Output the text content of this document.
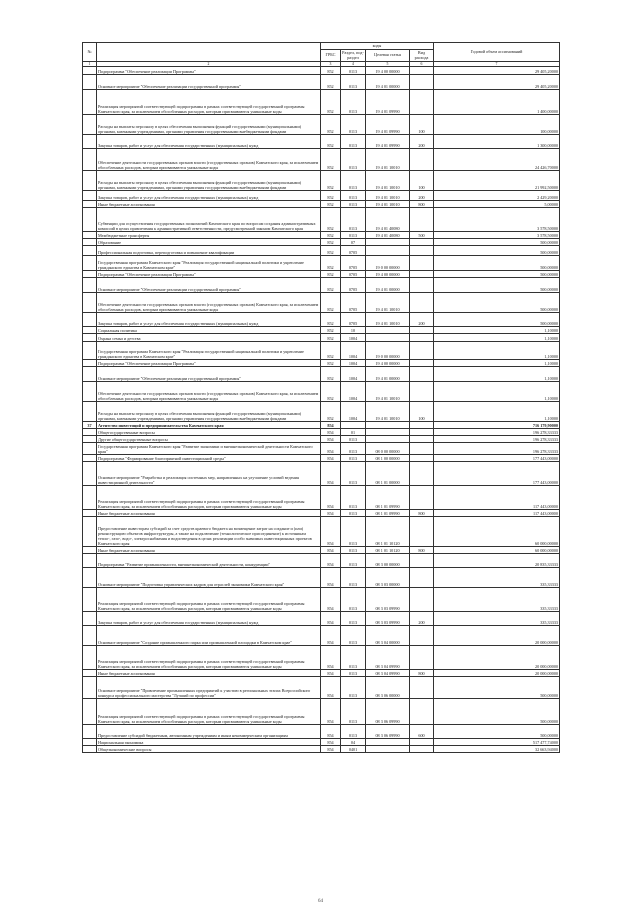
№		коды				Годовой объем ассигнований
		ГРБС	Раздел, под-раздел	Целевая статья	Вид расхода	
1	2	3	4	5	6	7
	Подпрограмма "Обеспечение реализации Программы"	852	0113	19 4 00 00000		29 405,20000
	Основное мероприятие "Обеспечение реализации государственной программы"	852	0113	19 4 01 00000		29 405,20000
	Реализация мероприятий соответствующей подпрограммы в рамках соответствующей государственной программы Камчатского края, за исключением обособленных расходов, которым присваиваются уникальные коды	852	0113	19 4 01 09990		1 400,00000
	Расходы на выплаты персоналу в целях обеспечения выполнения функций государственными (муниципальными) органами, казенными учреждениями, органами управления государственными внебюджетными фондами	852	0113	19 4 01 09990	100	100,00000
	Закупка товаров, работ и услуг для обеспечения государственных (муниципальных) нужд	852	0113	19 4 01 09990	200	1 300,00000
	Обеспечение деятельности государственных органов власти (государственных органов) Камчатского края, за исключением обособленных расходов, которым присваиваются уникальные коды	852	0113	19 4 01 10010		24 426,70000
	Расходы на выплаты персоналу в целях обеспечения выполнения функций государственными (муниципальными) органами, казенными учреждениями, органами управления государственными внебюджетными фондами	852	0113	19 4 01 10010	100	21 992,50000
	Закупка товаров, работ и услуг для обеспечения государственных (муниципальных) нужд	852	0113	19 4 01 10010	200	2 429,20000
	Иные бюджетные ассигнования	852	0113	19 4 01 10010	800	5,00000
	Субвенции для осуществления государственных полномочий Камчатского края по вопросам создания административных комиссий в целях привлечения к административной ответственности, предусмотренной законом Камчатского края	852	0113	19 4 01 40080		3 578,50000
	Межбюджетные трансферты	852	0113	19 4 01 40080	500	3 578,50000
	Образование	852	07			500,00000
	Профессиональная подготовка, переподготовка и повышение квалификации	852	0705			500,00000
	Государственная программа Камчатского края "Реализация государственной национальной политики и укрепление гражданского единства в Камчатском крае"	852	0705	19 0 00 00000		500,00000
	Подпрограмма "Обеспечение реализации Программы"	852	0705	19 4 00 00000		500,00000
	Основное мероприятие "Обеспечение реализации государственной программы"	852	0705	19 4 01 00000		500,00000
	Обеспечение деятельности государственных органов власти (государственных органов) Камчатского края, за исключением обособленных расходов, которым присваиваются уникальные коды	852	0705	19 4 01 10010		500,00000
	Закупка товаров, работ и услуг для обеспечения государственных (муниципальных) нужд	852	0705	19 4 01 10010	200	500,00000
	Социальная политика	852	10			1,10000
	Охрана семьи и детства	852	1004			1,10000
	Государственная программа Камчатского края "Реализация государственной национальной политики и укрепление гражданского единства в Камчатском крае"	852	1004	19 0 00 00000		1,10000
	Подпрограмма "Обеспечение реализации Программы"	852	1004	19 4 00 00000		1,10000
	Основное мероприятие "Обеспечение реализации государственной программы"	852	1004	19 4 01 00000		1,10000
	Обеспечение деятельности государственных органов власти (государственных органов) Камчатского края, за исключением обособленных расходов, которым присваиваются уникальные коды	852	1004	19 4 01 10010		1,10000
	Расходы на выплаты персоналу в целях обеспечения выполнения функций государственными (муниципальными) органами, казенными учреждениями, органами управления государственными внебюджетными фондами	852	1004	19 4 01 10010	100	1,10000
37	Агентство инвестиций и предпринимательства Камчатского края	854				716 179,90000
	Общегосударственные вопросы	854	01			196 278,33333
	Другие общегосударственные вопросы	854	0113			196 278,33333
	Государственная программа Камчатского края "Развитие экономики и внешнеэкономической деятельности Камчатского края"	854	0113	08 0 00 00000		196 278,33333
	Подпрограмма "Формирование благоприятной инвестиционной среды"	854	0113	08 1 00 00000		177 443,00000
	Основное мероприятие "Разработка и реализация системных мер, направленных на улучшение условий ведения инвестиционной деятельности"	854	0113	08 1 01 00000		177 443,00000
	Реализация мероприятий соответствующей подпрограммы в рамках соответствующей государственной программы Камчатского края, за исключением обособленных расходов, которым присваиваются уникальные коды	854	0113	08 1 01 09990		117 443,00000
	Иные бюджетные ассигнования	854	0113	08 1 01 09990	800	117 443,00000
	Предоставление инвесторам субсидий за счет средств краевого бюджета на возмещение затрат на создание и (или) реконструкцию объектов инфраструктуры, а также на подключение (технологическое присоединение) к источникам тепло-, газо-, водо-, электроснабжения и водоотведения в целях реализации особо значимых инвестиционных проектов Камчатского края	854	0113	08 1 01 10120		60 000,00000
	Иные бюджетные ассигнования	854	0113	08 1 01 10120	800	60 000,00000
	Подпрограмма "Развитие промышленности, внешнеэкономической деятельности, конкуренции"	854	0113	08 3 00 00000		20 835,33333
	Основное мероприятие "Подготовка управленческих кадров для отраслей экономики Камчатского края"	854	0113	08 3 03 00000		335,33333
	Реализация мероприятий соответствующей подпрограммы в рамках соответствующей государственной программы Камчатского края, за исключением обособленных расходов, которым присваиваются уникальные коды	854	0113	08 3 03 09990		335,33333
	Закупка товаров, работ и услуг для обеспечения государственных (муниципальных) нужд	854	0113	08 3 03 09990	200	335,33333
	Основное мероприятие "Создание промышленного парка или промышленной площадки в Камчатском крае"	854	0113	08 3 04 00000		20 000,00000
	Реализация мероприятий соответствующей подпрограммы в рамках соответствующей государственной программы Камчатского края, за исключением обособленных расходов, которым присваиваются уникальные коды	854	0113	08 3 04 09990		20 000,00000
	Иные бюджетные ассигнования	854	0113	08 3 04 09990	800	20 000,00000
	Основное мероприятие "Привлечение промышленных предприятий к участию в региональных этапах Всероссийского конкурса профессионального мастерства "Лучший по профессии"	854	0113	08 3 06 00000		500,00000
	Реализация мероприятий соответствующей подпрограммы в рамках соответствующей государственной программы Камчатского края, за исключением обособленных расходов, которым присваиваются уникальные коды	854	0113	08 3 06 09990		500,00000
	Предоставление субсидий бюджетным, автономным учреждениям и иным некоммерческим организациям	854	0113	08 3 06 09990	600	500,00000
	Национальная экономика	854	04			517 477,74000
	Общеэкономические вопросы	854	0401			32 663,94000
64
